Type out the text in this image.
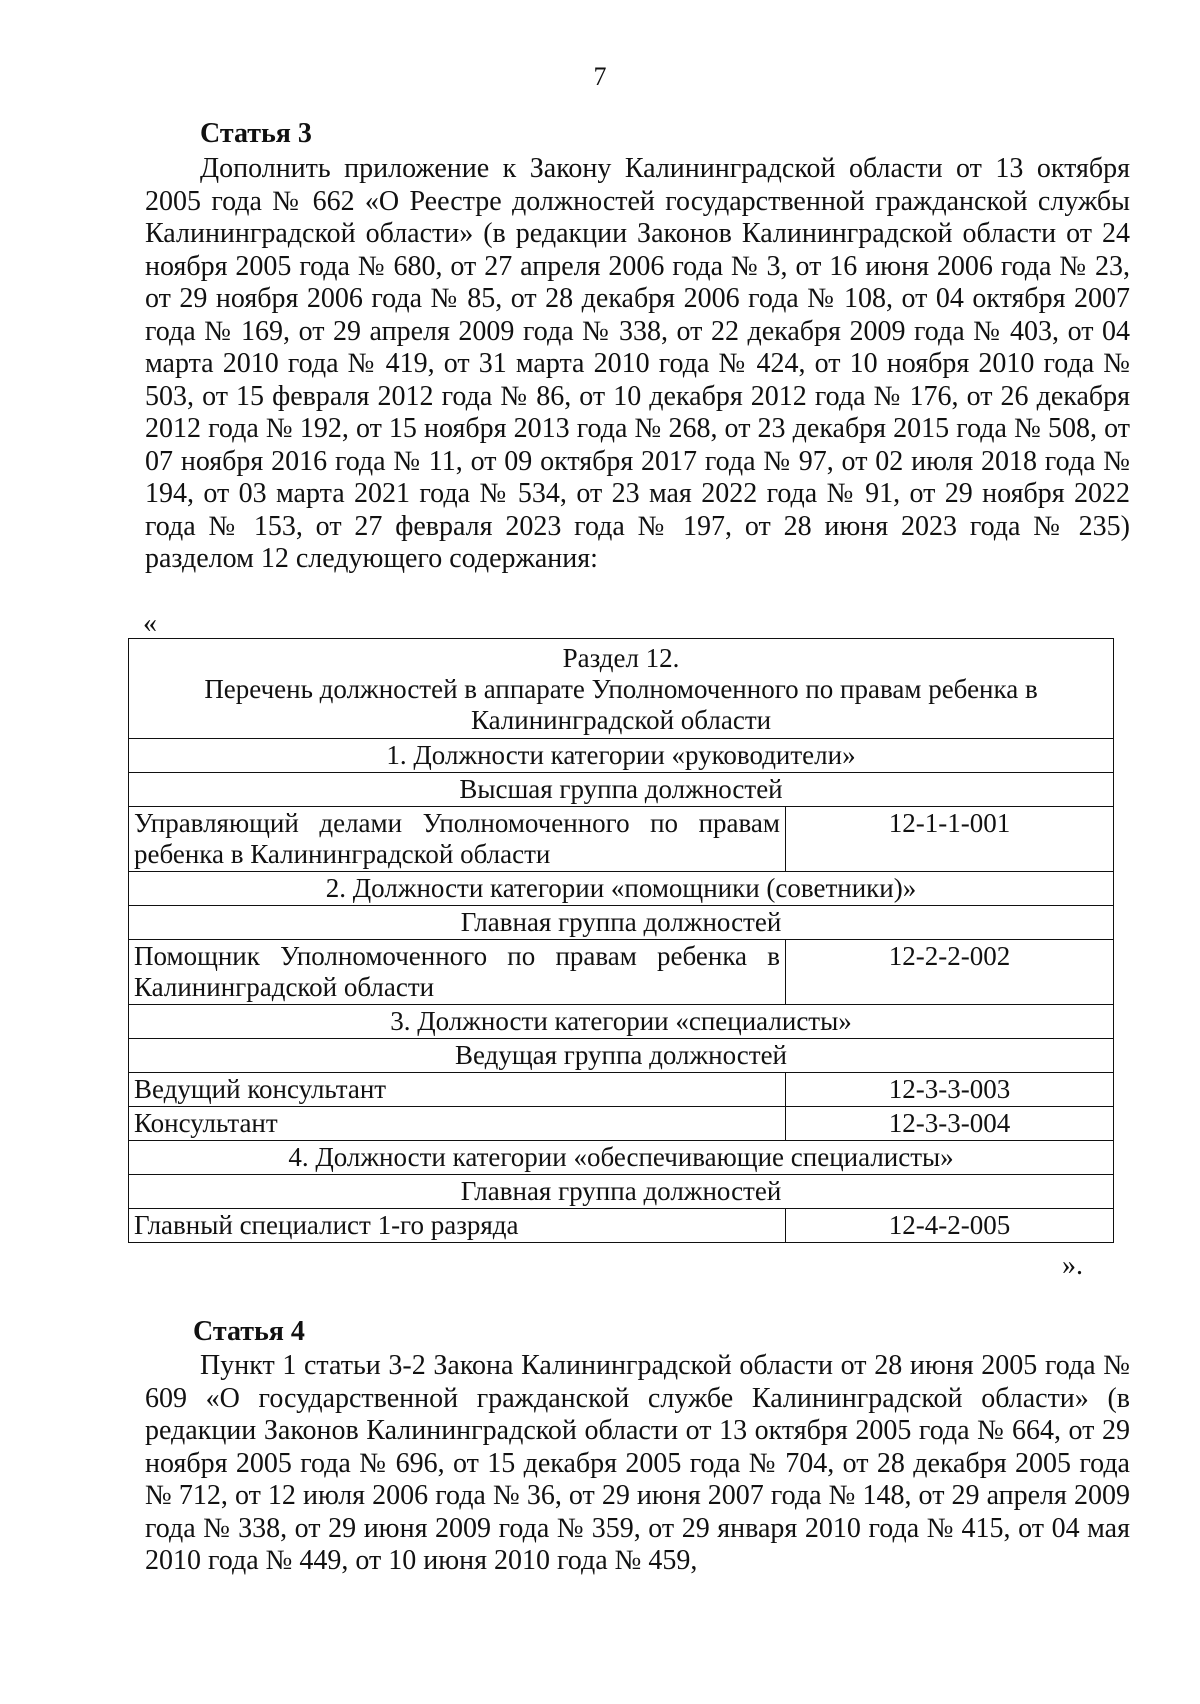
7
Статья 3

Дополнить приложение к Закону Калининградской области от 13 октября 2005 года № 662 «О Реестре должностей государственной гражданской службы Калининградской области» (в редакции Законов Калининградской области от 24 ноября 2005 года № 680, от 27 апреля 2006 года № 3, от 16 июня 2006 года № 23, от 29 ноября 2006 года № 85, от 28 декабря 2006 года № 108, от 04 октября 2007 года № 169, от 29 апреля 2009 года № 338, от 22 декабря 2009 года № 403, от 04 марта 2010 года № 419, от 31 марта 2010 года № 424, от 10 ноября 2010 года № 503, от 15 февраля 2012 года № 86, от 10 декабря 2012 года № 176, от 26 декабря 2012 года № 192, от 15 ноября 2013 года № 268, от 23 декабря 2015 года № 508, от 07 ноября 2016 года № 11, от 09 октября 2017 года № 97, от 02 июля 2018 года № 194, от 03 марта 2021 года № 534, от 23 мая 2022 года № 91, от 29 ноября 2022 года № 153, от 27 февраля 2023 года № 197, от 28 июня 2023 года № 235) разделом 12 следующего содержания:

«
Раздел 12.
Перечень должностей в аппарате Уполномоченного по правам ребенка в Калининградской области	

1. Должности категории «руководители»	
Высшая группа должностей	
Управляющий делами Уполномоченного по правам ребенка в Калининградской области	12-1-1-001
2. Должности категории «помощники (советники)»	
Главная группа должностей	
Помощник Уполномоченного по правам ребенка в Калининградской области	12-2-2-002
3. Должности категории «специалисты»	
Ведущая группа должностей	
Ведущий консультант	12-3-3-003
Консультант	12-3-3-004
4. Должности категории «обеспечивающие специалисты»	
Главная группа должностей	
Главный специалист 1-го разряда	12-4-2-005
».
Статья 4

Пункт 1 статьи 3-2 Закона Калининградской области от 28 июня 2005 года № 609 «О государственной гражданской службе Калининградской области» (в редакции Законов Калининградской области от 13 октября 2005 года № 664, от 29 ноября 2005 года № 696, от 15 декабря 2005 года № 704, от 28 декабря 2005 года № 712, от 12 июля 2006 года № 36, от 29 июня 2007 года № 148, от 29 апреля 2009 года № 338, от 29 июня 2009 года № 359, от 29 января 2010 года № 415, от 04 мая 2010 года № 449, от 10 июня 2010 года № 459,
